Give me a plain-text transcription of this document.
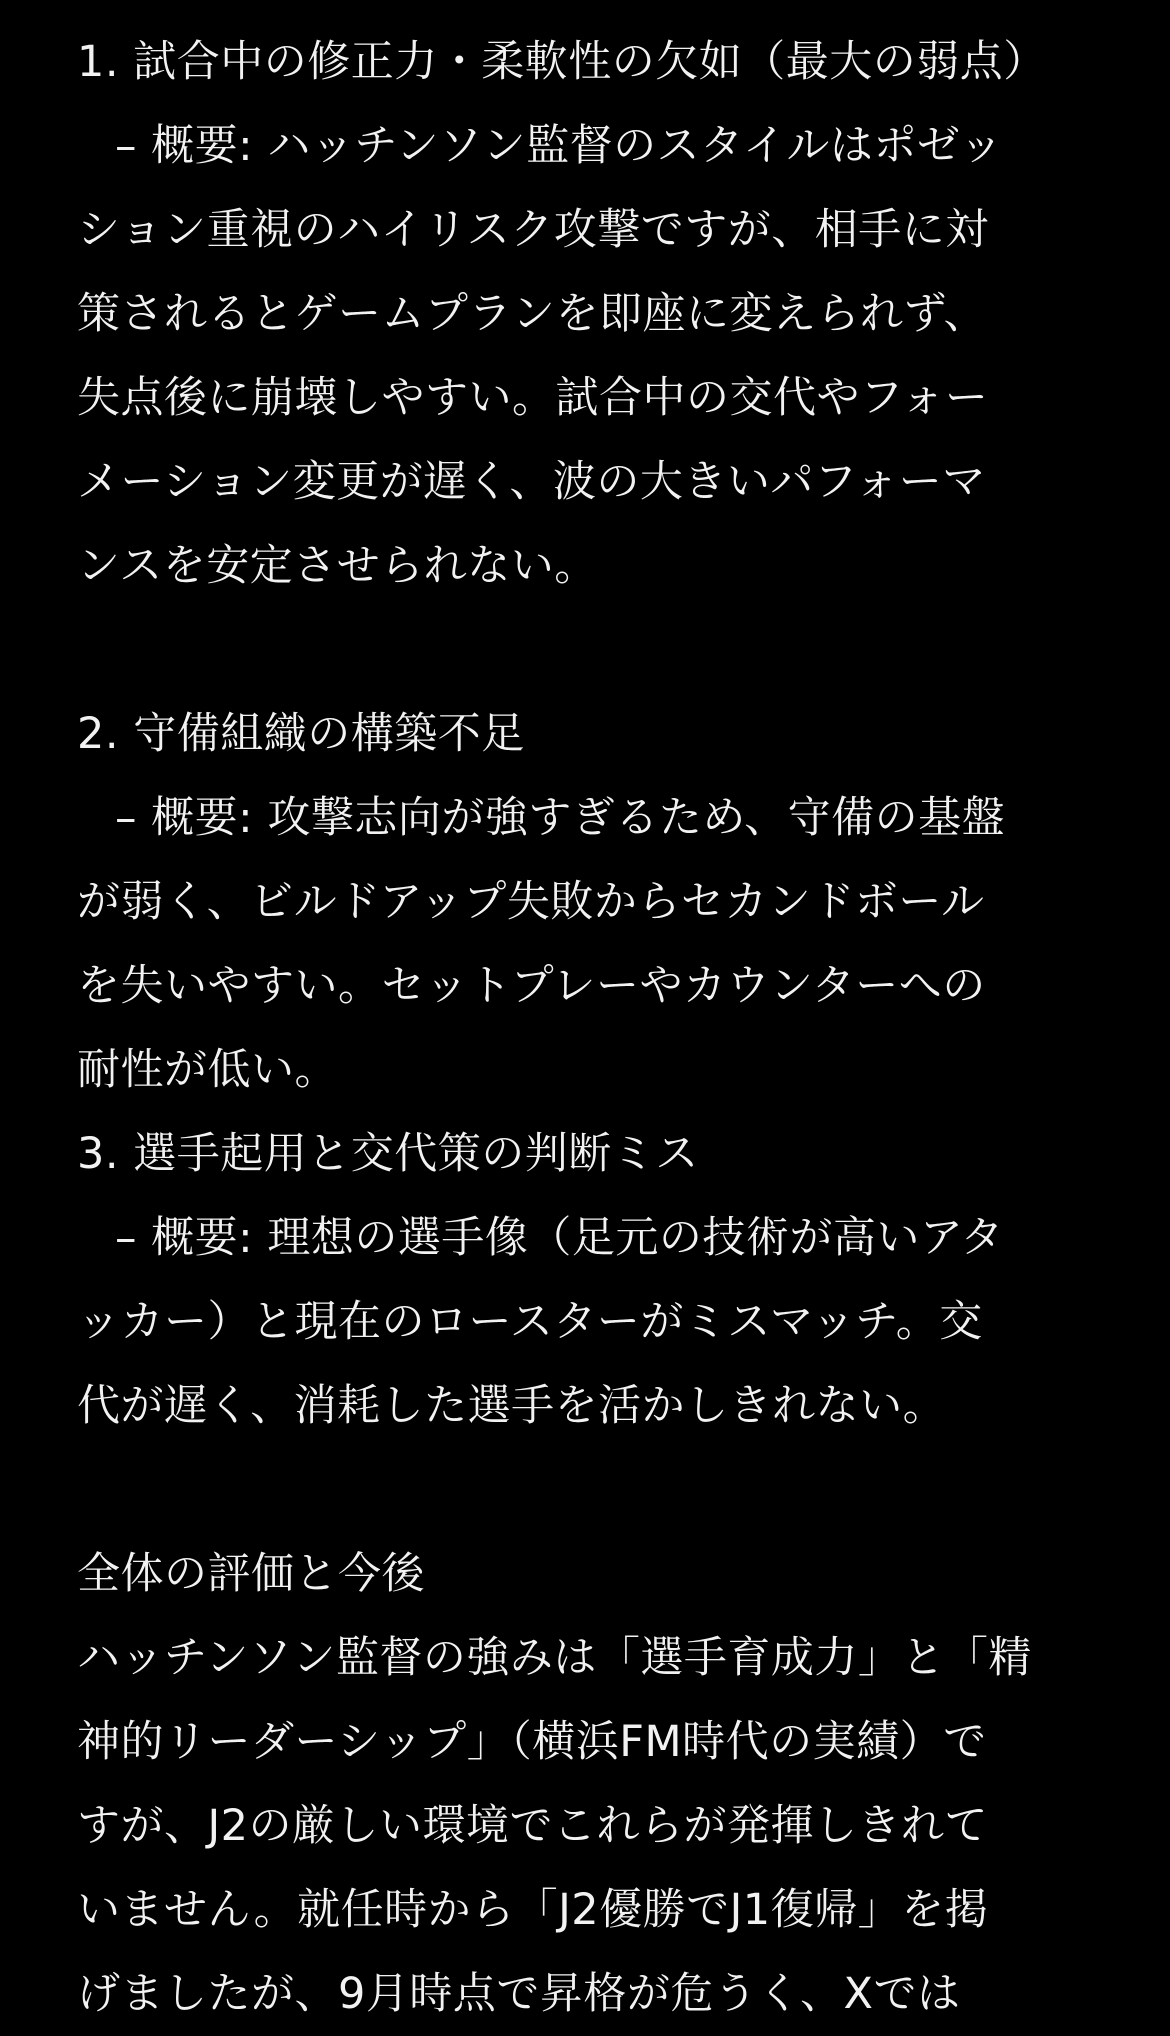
1. 試合中の修正力・柔軟性の欠如（最大の弱点）
– 概要: ハッチンソン監督のスタイルはポゼッ
ション重視のハイリスク攻撃ですが、相手に対
策されるとゲームプランを即座に変えられず、
失点後に崩壊しやすい。試合中の交代やフォー
メーション変更が遅く、波の大きいパフォーマ
ンスを安定させられない。
2. 守備組織の構築不足
– 概要: 攻撃志向が強すぎるため、守備の基盤
が弱く、ビルドアップ失敗からセカンドボール
を失いやすい。セットプレーやカウンターへの
耐性が低い。
3. 選手起用と交代策の判断ミス
– 概要: 理想の選手像（足元の技術が高いアタ
ッカー）と現在のロースターがミスマッチ。交
代が遅く、消耗した選手を活かしきれない。
全体の評価と今後
ハッチンソン監督の強みは「選手育成力」と「精
神的リーダーシップ」（横浜FM時代の実績）で
すが、J2の厳しい環境でこれらが発揮しきれて
いません。就任時から「J2優勝でJ1復帰」を掲
げましたが、9月時点で昇格が危うく、Xでは
